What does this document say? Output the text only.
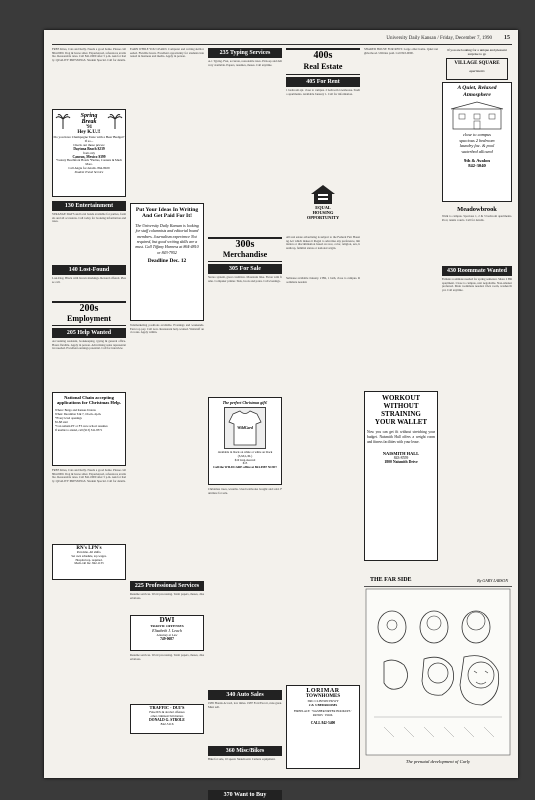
University Daily Kansan / Friday, December 7, 1990 15
FREE Kites, Cats and Kelly. Needs a good home. Please call 864-0000. Dog & horse sitter. Experienced, references available. Reasonable rates. Call 841-0000 after 5 p.m. Ask for Kelly. QUALITY PRESSINGS. Student Special. Call for details.
Spring
Break
'91
Hey K.U.!!
Do you have Champagne Taste with a Beer Budget?
If so...
Check out these prices:
Daytona Beach $239
from only
Cancun, Mexico $399
*Luxury Beachfront Hotels *Parties, Contests & Much More.
Call Angie for details. 864-8029
Student Travel Service
130 Entertainment
STRANGE DAYS and local bands available for parties, formals and all occasions. Call today for booking information and rates.
140 Lost-Found
Lost-Dog. Black with brown markings. Reward offered. Please call.
200s
Employment
205 Help Wanted
Accounting assistant, bookkeeping, typing & general office. Hours flexible. Apply in person. Advertising sales representative needed. Excellent earnings potential. Call for interview.
National Chain accepting applications for Christmas Help.
Where: Bergo and Kansas Unions
When: December 6 & 7, 10a.m.-4p.m.
*Every level openings
$5-$8 start
*Can remain PT or FT once school resumes
If unable to attend, call (913) 341-8571
FREE Kites, Cats and Kelly. Needs a good home. Please call 864-0000. Dog & horse sitter. Experienced, references available. Reasonable rates. Call 841-0000 after 5 p.m. Ask for Kelly. QUALITY PRESSINGS. Student Special. Call for details.
RN's LPN's
Part-time. All shifts.
Set own schedule, top wages.
Hospital rep. required.
Medi-call Inc. 842-1133
EARN WHILE YOU LEARN. Computer and writing skills needed. Flexible hours. Excellent opportunity for students interested in business and media. Apply in person.
Put Your Ideas In Writing And Get Paid For It!
The University Daily Kansan is looking for staff columnists and editorial board members. Journalism experience Not required, but good writing skills are a must. Call Tiffany Harness at 864-4810 or 843-7952
Deadline Dec. 12
Telemarketing positions available. Evenings and weekends. Earn top pay. Call now. Restaurant help wanted. Waitstaff and cooks. Apply within.
225 Professional Services
Resume services. Word processing. Term papers, theses, dissertations.
DWI
TRAFFIC OFFENSES
Elizabeth J. Leach
Attorney at Law
749-0687
Resume services. Word processing. Term papers, theses, dissertations.
TRAFFIC · DUI'S
False ID's & alcohol offenses
other criminal/civil matters
DONALD G. STROLE
842-5116
235 Typing Services
A-1 Typing. Fast, accurate, reasonable rates. Pick-up and delivery available. Papers, resumes, theses. Call anytime.
300s
Merchandise
305 For Sale
Stereo system, great condition. Mountain bike. Futon with frame. Computer printer. Skis, boots and poles. Call evenings.
The perfect Christmas gift!
WildCard
Available in black on white or white on black (S,M,L,XL)
$10 long-sleeved
$15
Call the WILDCARE office at 864-0587 NOW!
Christmas trees, wreaths. Used textbooks bought and sold. Furniture for sale.
340 Auto Sales
1985 Honda Accord, low miles. 1987 Ford Escort, runs great. Must sell.
360 Misc/Bikes
Bike for sale, 10 speed. Skateboard. Camera equipment.
370 Want to Buy
400s
Real Estate
405 For Rent
1 bedroom apt. close to campus. 2 bedroom townhouse. Studio apartments. Available January 1. Call for information.
EQUAL
HOUSING
OPPORTUNITY
All real estate advertising is subject to the Federal Fair Housing Act which makes it illegal to advertise any preference, limitation or discrimination based on race, color, religion, sex, handicap, familial status or national origin.
Sublease available January. 2 BR, 1 bath, close to campus. Roommate needed.
LORIMAR
TOWNHOMES
3601 CLINTON PKWY
2 & 3 BEDROOMS
FIREPLACE · WASHER/DRYER HOOKUPS · PATIOS · POOL
CALL 842-5400
SHARED HOUSE FOR RENT. Large older home. Quiet neighborhood. Utilities paid. Call 843-0000.
WORKOUT
WITHOUT
STRAINING
YOUR WALLET
Now you can get fit without stretching your budget. Naismith Hall offers a weight room and fitness facilities with your lease.
NAISMITH HALL
843-8559
1800 Naismith Drive
THE FAR SIDE	By GARY LARSON
The prenatal development of Curly
If you are looking for a unique and pleasant surprise to go
VILLAGE SQUARE
apartments
A Quiet, Relaxed Atmosphere
close to campus
spacious 2 bedroom
laundry fac. & pool
waterbed allowed
9th & Avalon
842-3040
Meadowbrook
Walk to campus. Spacious 1, 2 & 3 bedroom apartments. Pool, tennis courts. Call for details.
430 Roommate Wanted
Female roommate needed for spring semester. Share 2 BR apartment. Close to campus, rent negotiable. Non-smoker preferred. Male roommate needed. Own room, washer/dryer. Call anytime.
